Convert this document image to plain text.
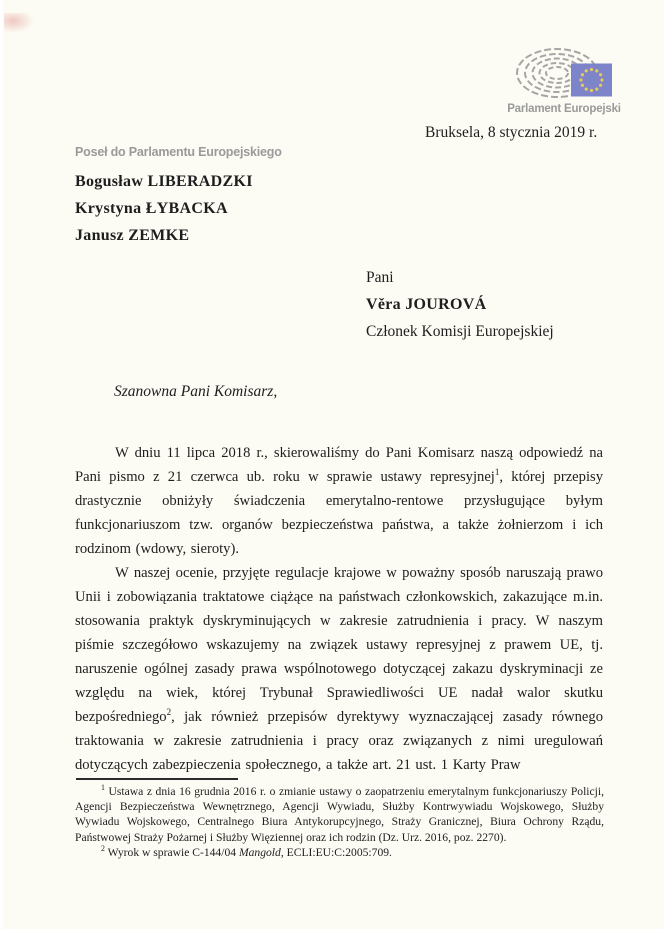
Parlament Europejski
Bruksela, 8 stycznia 2019 r.
Poseł do Parlamentu Europejskiego
Bogusław LIBERADZKI
Krystyna ŁYBACKA
Janusz ZEMKE
Pani
Věra JOUROVÁ
Członek Komisji Europejskiej
Szanowna Pani Komisarz,

W dniu 11 lipca 2018 r., skierowaliśmy do Pani Komisarz naszą odpowiedź na Pani pismo z 21 czerwca ub. roku w sprawie ustawy represyjnej$^1$, której przepisy drastycznie obniżyły świadczenia emerytalno-rentowe przysługujące byłym funkcjonariuszom tzw. organów bezpieczeństwa państwa, a także żołnierzom i ich rodzinom (wdowy, sieroty).

W naszej ocenie, przyjęte regulacje krajowe w poważny sposób naruszają prawo Unii i zobowiązania traktatowe ciążące na państwach członkowskich, zakazujące m.in. stosowania praktyk dyskryminujących w zakresie zatrudnienia i pracy. W naszym piśmie szczegółowo wskazujemy na związek ustawy represyjnej z prawem UE, tj. naruszenie ogólnej zasady prawa wspólnotowego dotyczącej zakazu dyskryminacji ze względu na wiek, której Trybunał Sprawiedliwości UE nadał walor skutku bezpośredniego$^2$, jak również przepisów dyrektywy wyznaczającej zasady równego traktowania w zakresie zatrudnienia i pracy oraz związanych z nimi uregulowań dotyczących zabezpieczenia społecznego, a także art. 21 ust. 1 Karty Praw

$^1$ Ustawa z dnia 16 grudnia 2016 r. o zmianie ustawy o zaopatrzeniu emerytalnym funkcjonariuszy Policji, Agencji Bezpieczeństwa Wewnętrznego, Agencji Wywiadu, Służby Kontrwywiadu Wojskowego, Służby Wywiadu Wojskowego, Centralnego Biura Antykorupcyjnego, Straży Granicznej, Biura Ochrony Rządu, Państwowej Straży Pożarnej i Służby Więziennej oraz ich rodzin (Dz. Urz. 2016, poz. 2270).

$^2$ Wyrok w sprawie C-144/04 Mangold, ECLI:EU:C:2005:709.
